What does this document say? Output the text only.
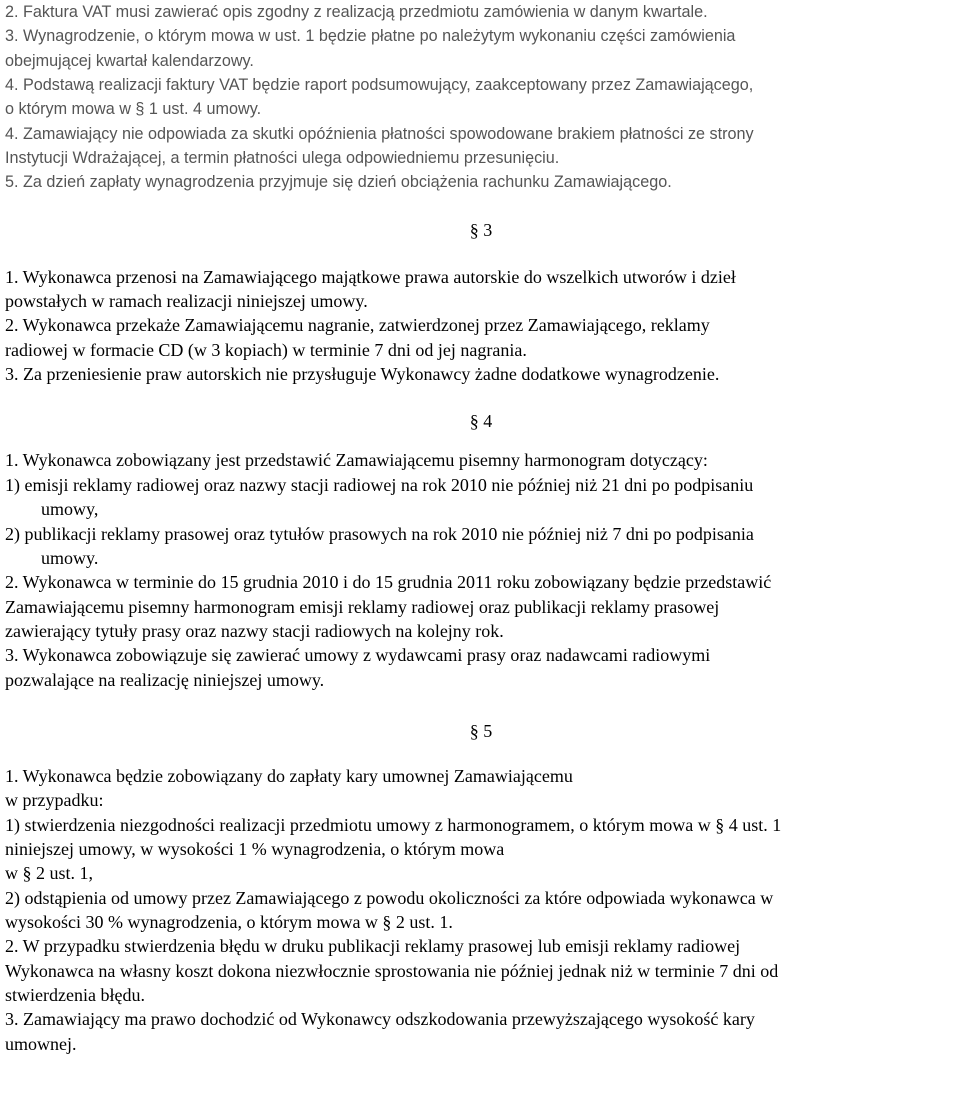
2. Faktura VAT musi zawierać opis zgodny z realizacją przedmiotu zamówienia w danym kwartale.
3. Wynagrodzenie, o którym mowa w ust. 1 będzie płatne po należytym wykonaniu części zamówienia
obejmującej kwartał kalendarzowy.
4. Podstawą realizacji faktury VAT będzie raport podsumowujący, zaakceptowany przez Zamawiającego,
o którym mowa w § 1 ust. 4 umowy.
4. Zamawiający nie odpowiada za skutki opóźnienia płatności spowodowane brakiem płatności ze strony
Instytucji Wdrażającej, a termin płatności ulega odpowiedniemu przesunięciu.
5. Za dzień zapłaty wynagrodzenia przyjmuje się dzień obciążenia rachunku Zamawiającego.
§ 3
1. Wykonawca przenosi na Zamawiającego majątkowe prawa autorskie do wszelkich utworów i dzieł
powstałych w ramach realizacji niniejszej umowy.
2. Wykonawca przekaże Zamawiającemu nagranie, zatwierdzonej przez Zamawiającego, reklamy
radiowej w formacie CD (w 3 kopiach) w terminie 7 dni od jej nagrania.
3. Za przeniesienie praw autorskich nie przysługuje Wykonawcy żadne dodatkowe wynagrodzenie.
§ 4
1. Wykonawca zobowiązany jest przedstawić Zamawiającemu pisemny harmonogram dotyczący:
1) emisji reklamy radiowej oraz nazwy stacji radiowej na rok 2010 nie później niż 21 dni po podpisaniu
umowy,
2) publikacji reklamy prasowej oraz tytułów prasowych na rok 2010 nie później niż 7 dni po podpisania
umowy.
2. Wykonawca w terminie do 15 grudnia 2010 i do 15 grudnia 2011 roku zobowiązany będzie przedstawić
Zamawiającemu pisemny harmonogram emisji reklamy radiowej oraz publikacji reklamy prasowej
zawierający tytuły prasy oraz nazwy stacji radiowych na kolejny rok.
3. Wykonawca zobowiązuje się zawierać umowy z wydawcami prasy oraz nadawcami radiowymi
pozwalające na realizację niniejszej umowy.
§ 5
1. Wykonawca będzie zobowiązany do zapłaty kary umownej Zamawiającemu
w przypadku:
1) stwierdzenia niezgodności realizacji przedmiotu umowy z harmonogramem, o którym mowa w § 4 ust. 1
niniejszej umowy, w wysokości 1 % wynagrodzenia, o którym mowa
w § 2 ust. 1,
2) odstąpienia od umowy przez Zamawiającego z powodu okoliczności za które odpowiada wykonawca w
wysokości 30 % wynagrodzenia, o którym mowa w § 2 ust. 1.
2. W przypadku stwierdzenia błędu w druku publikacji reklamy prasowej lub emisji reklamy radiowej
Wykonawca na własny koszt dokona niezwłocznie sprostowania nie później jednak niż w terminie 7 dni od
stwierdzenia błędu.
3. Zamawiający ma prawo dochodzić od Wykonawcy odszkodowania przewyższającego wysokość kary
umownej.
